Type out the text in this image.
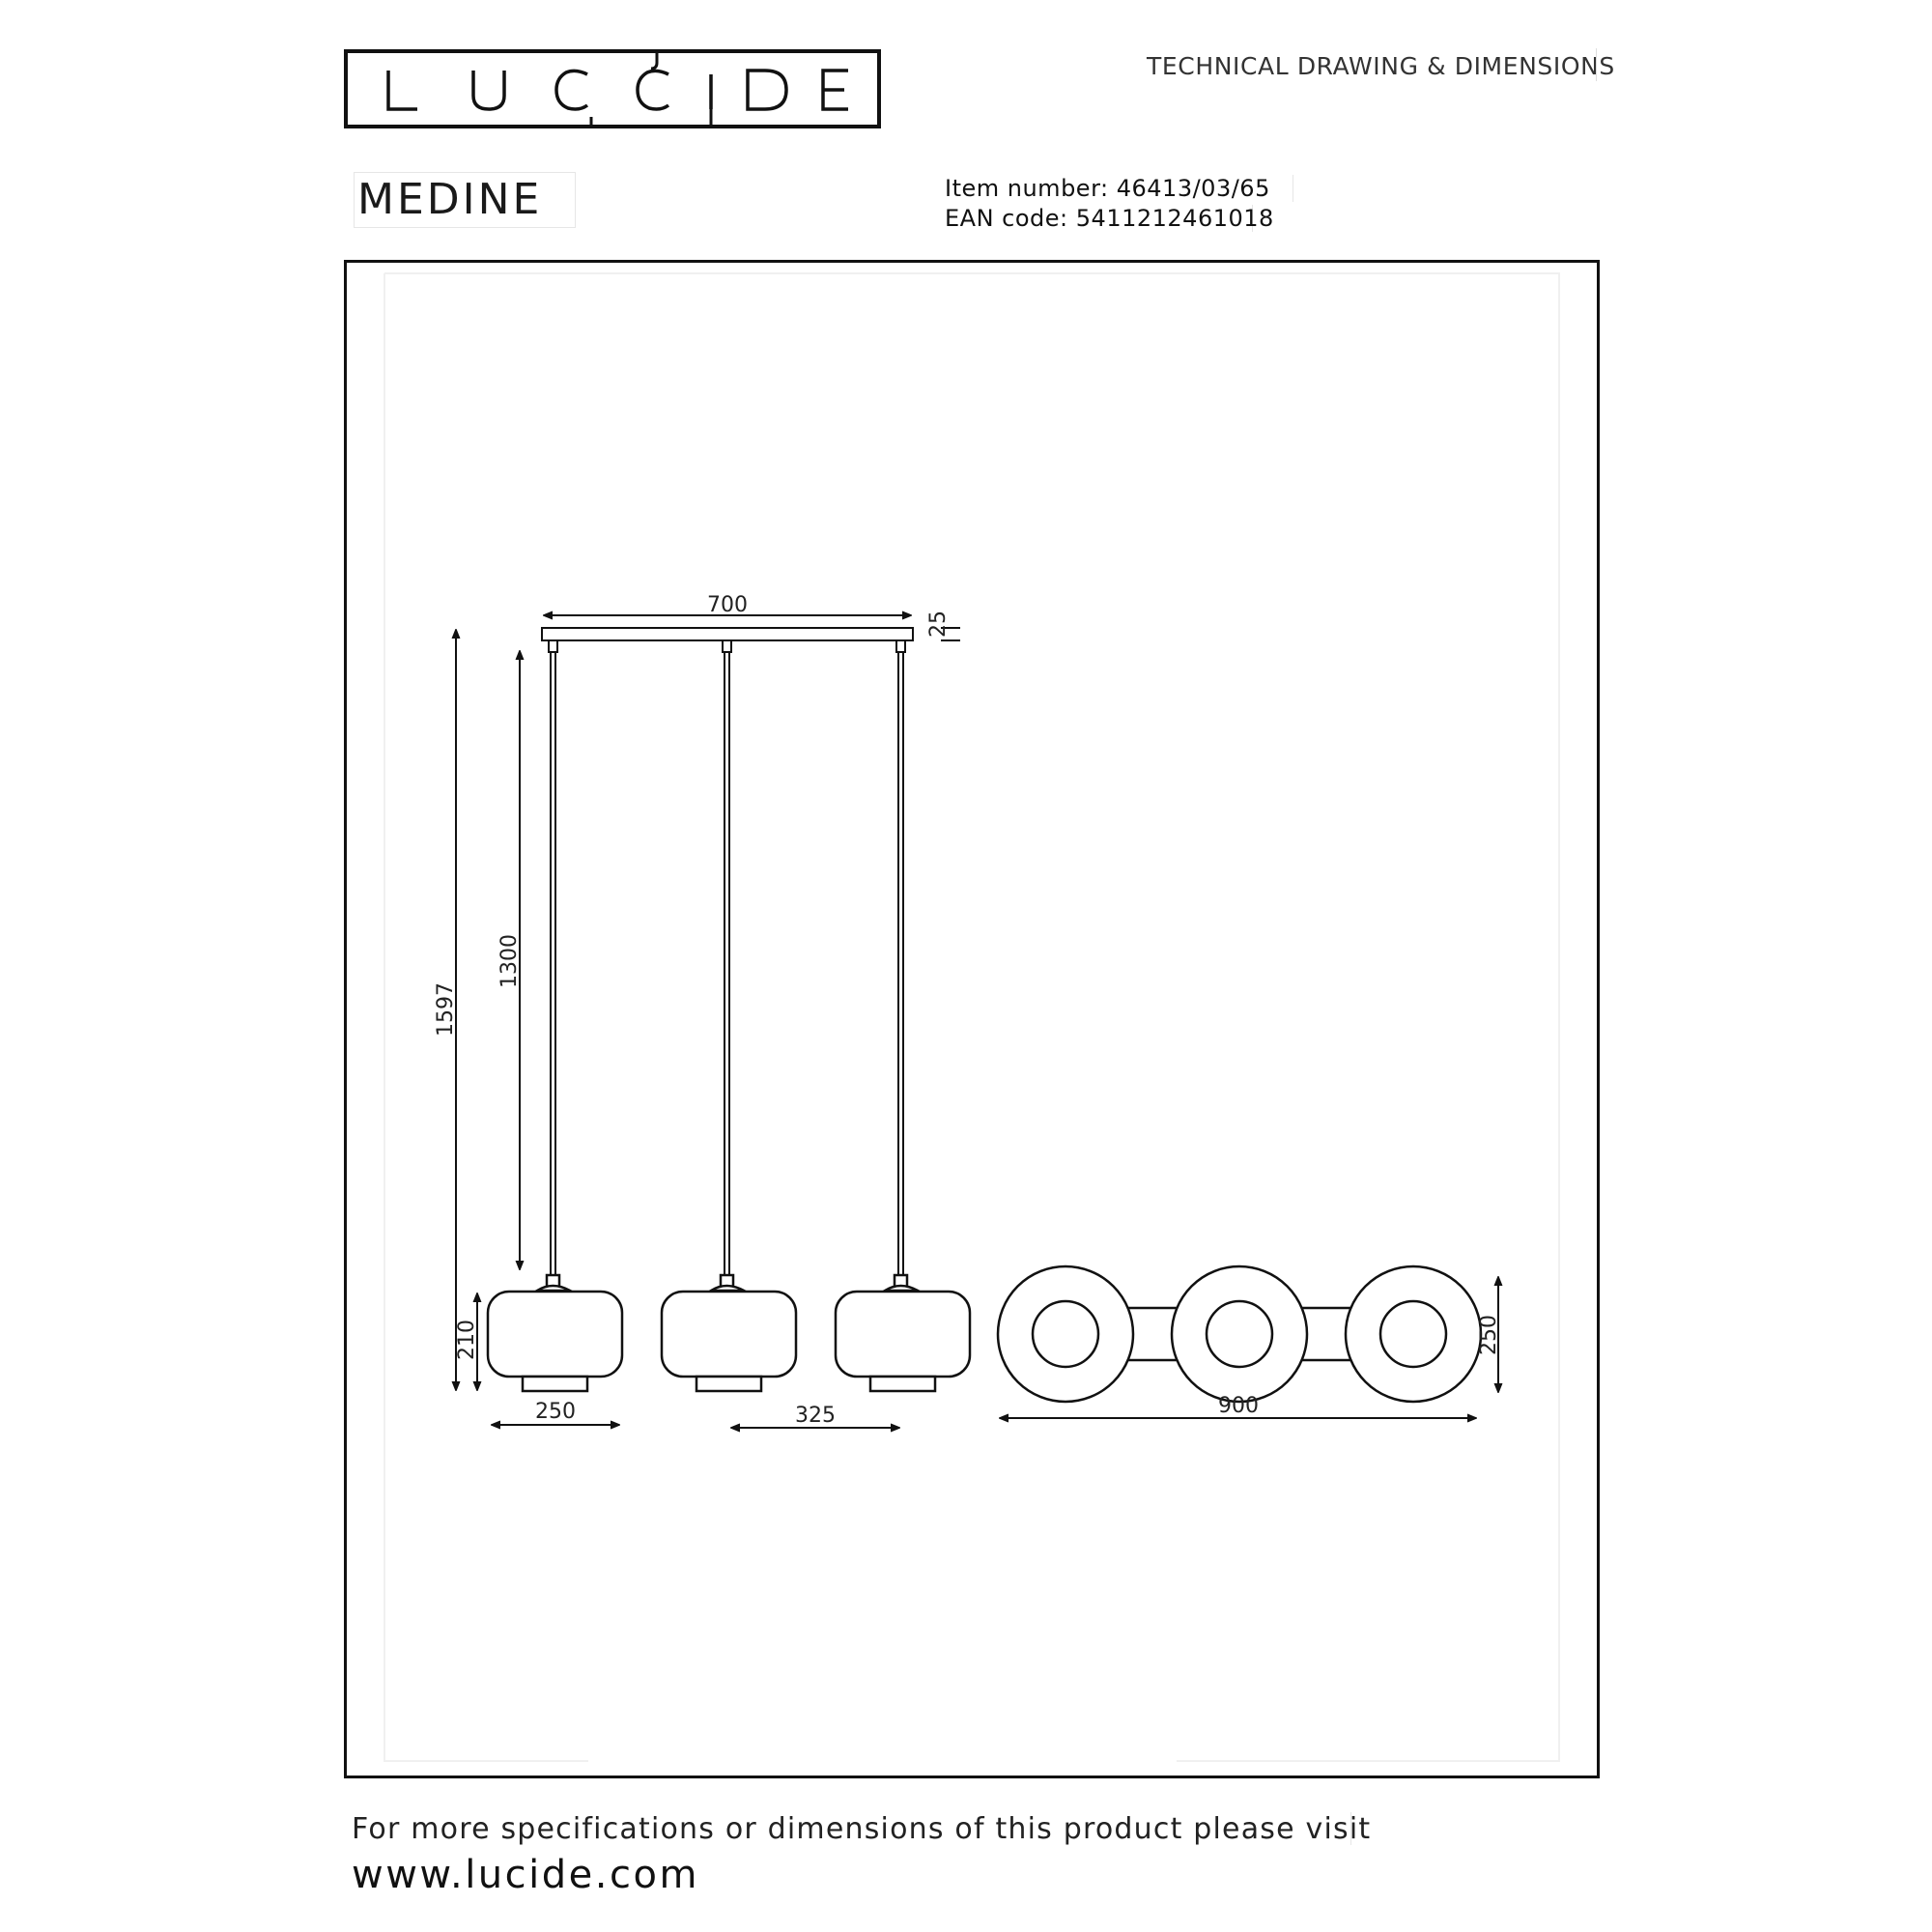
TECHNICAL DRAWING & DIMENSIONS
MEDINE	Item number: 46413/03/65
EAN code: 5411212461018
700
25
1597
1300
210
250	325	900
250
For more specifications or dimensions of this product please visit
www.lucide.com
